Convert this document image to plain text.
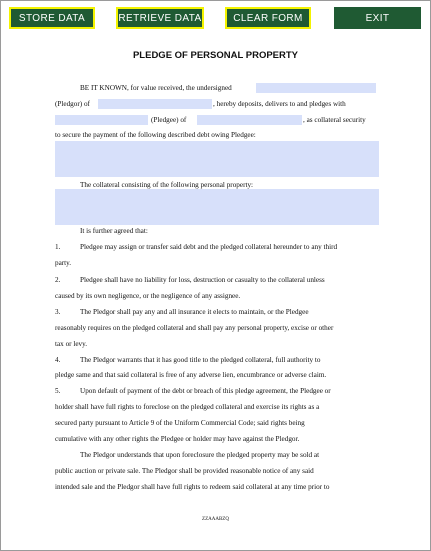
STORE DATA	RETRIEVE DATA	CLEAR FORM	EXIT
PLEDGE OF PERSONAL PROPERTY
BE IT KNOWN, for value received, the undersigned
(Pledgor) of	, hereby deposits, delivers to and pledges with
(Pledgee) of	, as collateral security
to secure the payment of the following described debt owing Pledgee:
The collateral consisting of the following personal property:
It is further agreed that:
1.	Pledgee may assign or transfer said debt and the pledged collateral hereunder to any third
party.
2.	Pledgee shall have no liability for loss, destruction or casualty to the collateral unless
caused by its own negligence, or the negligence of any assignee.
3.	The Pledgor shall pay any and all insurance it elects to maintain, or the Pledgee
reasonably requires on the pledged collateral and shall pay any personal property, excise or other
tax or levy.
4.	The Pledgor warrants that it has good title to the pledged collateral, full authority to
pledge same and that said collateral is free of any adverse lien, encumbrance or adverse claim.
5.	Upon default of payment of the debt or breach of this pledge agreement, the Pledgee or
holder shall have full rights to foreclose on the pledged collateral and exercise its rights as a
secured party pursuant to Article 9 of the Uniform Commercial Code; said rights being
cumulative with any other rights the Pledgee or holder may have against the Pledgor.
The Pledgor understands that upon foreclosure the pledged property may be sold at
public auction or private sale. The Pledgor shall be provided reasonable notice of any said
intended sale and the Pledgor shall have full rights to redeem said collateral at any time prior to
ZZAAABZQ
